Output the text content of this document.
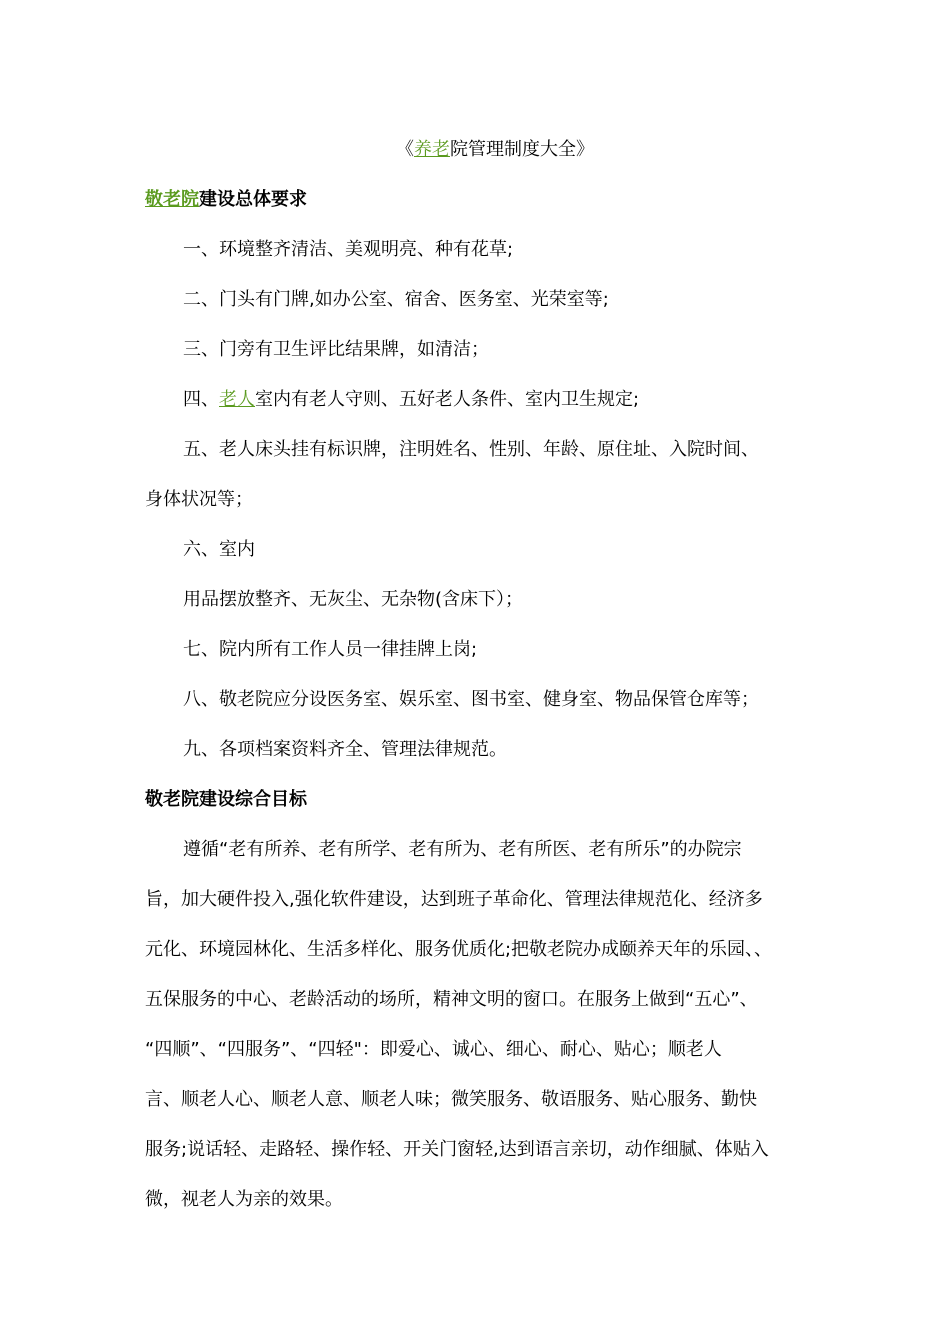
《养老院管理制度大全》
敬老院建设总体要求
一、环境整齐清洁、美观明亮、种有花草;
二、门头有门牌,如办公室、宿舍、医务室、光荣室等;
三、门旁有卫生评比结果牌，如清洁；
四、老人室内有老人守则、五好老人条件、室内卫生规定;
五、老人床头挂有标识牌，注明姓名、性别、年龄、原住址、入院时间、
身体状况等；
六、室内
用品摆放整齐、无灰尘、无杂物(含床下）；
七、院内所有工作人员一律挂牌上岗;
八、敬老院应分设医务室、娱乐室、图书室、健身室、物品保管仓库等；
九、各项档案资料齐全、管理法律规范。
敬老院建设综合目标
遵循“老有所养、老有所学、老有所为、老有所医、老有所乐”的办院宗
旨，加大硬件投入,强化软件建设，达到班子革命化、管理法律规范化、经济多
元化、环境园林化、生活多样化、服务优质化;把敬老院办成颐养天年的乐园、、
五保服务的中心、老龄活动的场所，精神文明的窗口。在服务上做到“五心”、
“四顺”、“四服务”、“四轻"：即爱心、诚心、细心、耐心、贴心；顺老人
言、顺老人心、顺老人意、顺老人味；微笑服务、敬语服务、贴心服务、勤快
服务;说话轻、走路轻、操作轻、开关门窗轻,达到语言亲切，动作细腻、体贴入
微，视老人为亲的效果。
